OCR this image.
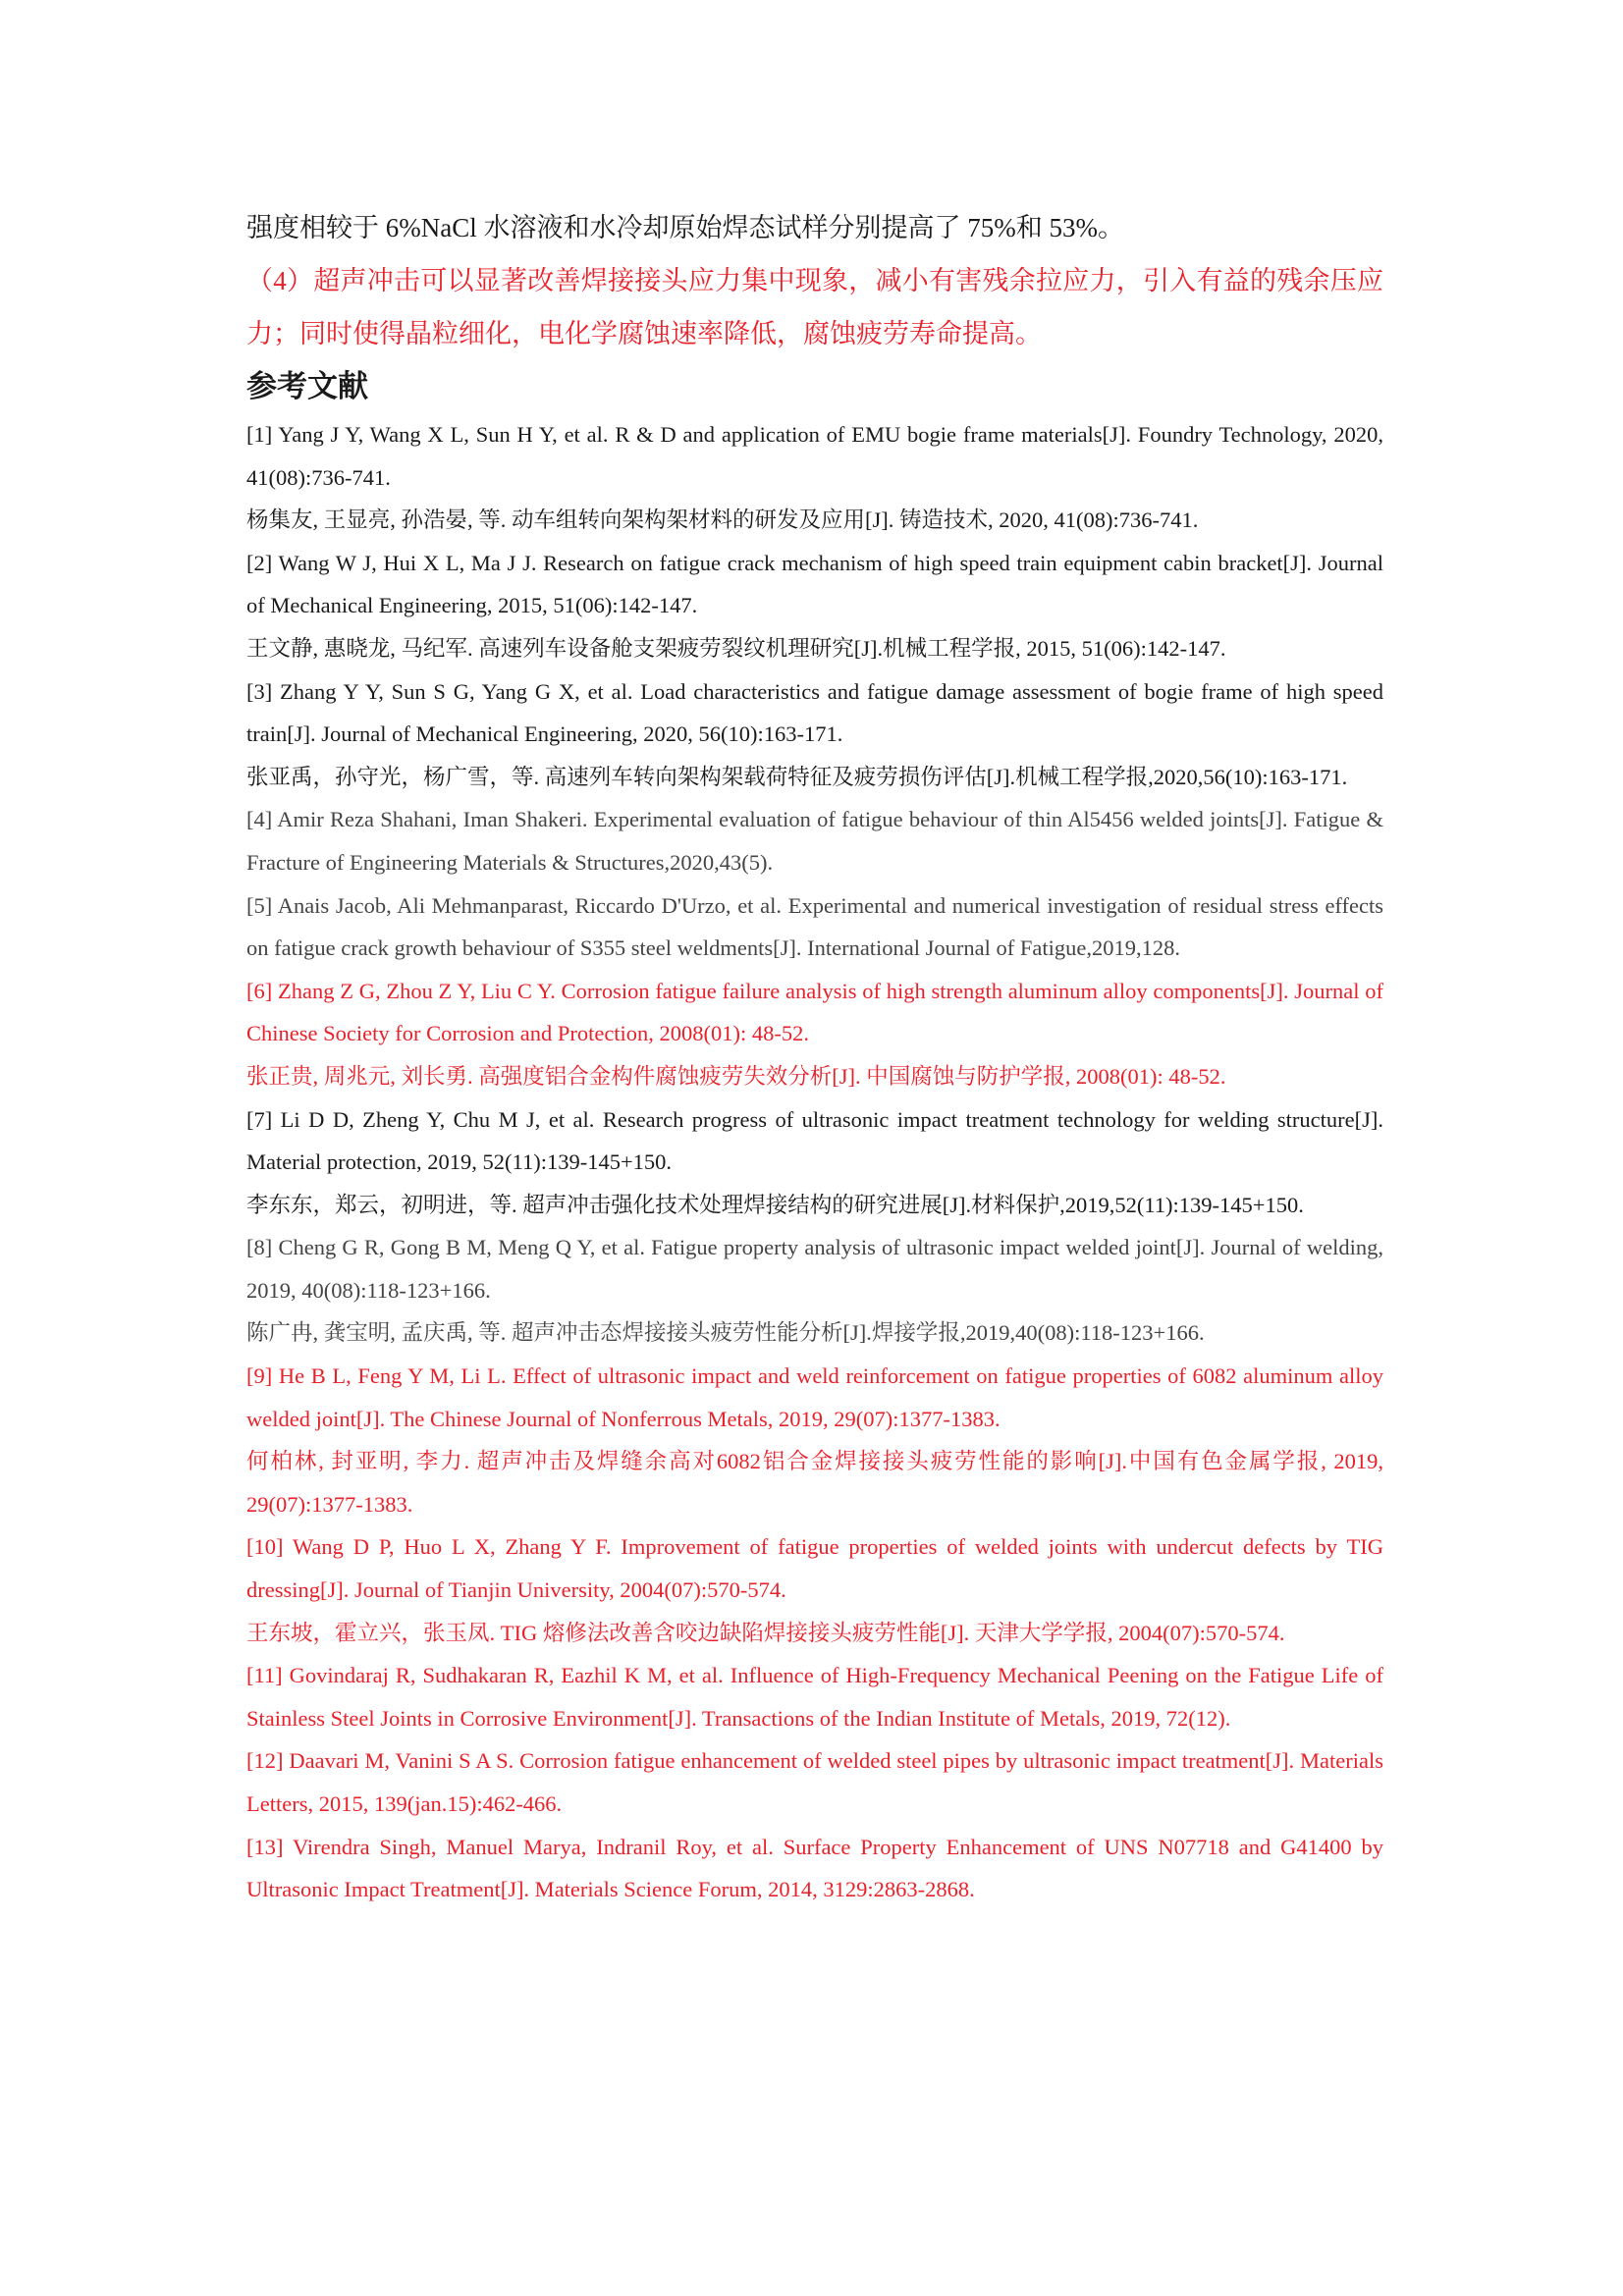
强度相较于 6%NaCl 水溶液和水冷却原始焊态试样分别提高了 75%和 53%。

（4）超声冲击可以显著改善焊接接头应力集中现象，减小有害残余拉应力，引入有益的残余压应力；同时使得晶粒细化，电化学腐蚀速率降低，腐蚀疲劳寿命提高。

参考文献

[1] Yang J Y, Wang X L, Sun H Y, et al. R & D and application of EMU bogie frame materials[J]. Foundry Technology, 2020, 41(08):736-741.

杨集友, 王显亮, 孙浩晏, 等. 动车组转向架构架材料的研发及应用[J]. 铸造技术, 2020, 41(08):736-741.

[2] Wang W J, Hui X L, Ma J J. Research on fatigue crack mechanism of high speed train equipment cabin bracket[J]. Journal of Mechanical Engineering, 2015, 51(06):142-147.

王文静, 惠晓龙, 马纪军. 高速列车设备舱支架疲劳裂纹机理研究[J].机械工程学报, 2015, 51(06):142-147.

[3] Zhang Y Y, Sun S G, Yang G X, et al. Load characteristics and fatigue damage assessment of bogie frame of high speed train[J]. Journal of Mechanical Engineering, 2020, 56(10):163-171.

张亚禹，孙守光，杨广雪，等. 高速列车转向架构架载荷特征及疲劳损伤评估[J].机械工程学报,2020,56(10):163-171.

[4] Amir Reza Shahani, Iman Shakeri. Experimental evaluation of fatigue behaviour of thin Al5456 welded joints[J]. Fatigue & Fracture of Engineering Materials & Structures,2020,43(5).

[5] Anais Jacob, Ali Mehmanparast, Riccardo D'Urzo, et al. Experimental and numerical investigation of residual stress effects on fatigue crack growth behaviour of S355 steel weldments[J]. International Journal of Fatigue,2019,128.

[6] Zhang Z G, Zhou Z Y, Liu C Y. Corrosion fatigue failure analysis of high strength aluminum alloy components[J]. Journal of Chinese Society for Corrosion and Protection, 2008(01): 48-52.

张正贵, 周兆元, 刘长勇. 高强度铝合金构件腐蚀疲劳失效分析[J]. 中国腐蚀与防护学报, 2008(01): 48-52.

[7] Li D D, Zheng Y, Chu M J, et al. Research progress of ultrasonic impact treatment technology for welding structure[J]. Material protection, 2019, 52(11):139-145+150.

李东东，郑云，初明进，等. 超声冲击强化技术处理焊接结构的研究进展[J].材料保护,2019,52(11):139-145+150.

[8] Cheng G R, Gong B M, Meng Q Y, et al. Fatigue property analysis of ultrasonic impact welded joint[J]. Journal of welding, 2019, 40(08):118-123+166.

陈广冉, 龚宝明, 孟庆禹, 等. 超声冲击态焊接接头疲劳性能分析[J].焊接学报,2019,40(08):118-123+166.

[9] He B L, Feng Y M, Li L. Effect of ultrasonic impact and weld reinforcement on fatigue properties of 6082 aluminum alloy welded joint[J]. The Chinese Journal of Nonferrous Metals, 2019, 29(07):1377-1383.

何柏林, 封亚明, 李力. 超声冲击及焊缝余高对6082铝合金焊接接头疲劳性能的影响[J].中国有色金属学报, 2019, 29(07):1377-1383.

[10] Wang D P, Huo L X, Zhang Y F. Improvement of fatigue properties of welded joints with undercut defects by TIG dressing[J]. Journal of Tianjin University, 2004(07):570-574.

王东坡，霍立兴，张玉凤. TIG 熔修法改善含咬边缺陷焊接接头疲劳性能[J]. 天津大学学报, 2004(07):570-574.

[11] Govindaraj R, Sudhakaran R, Eazhil K M, et al. Influence of High-Frequency Mechanical Peening on the Fatigue Life of Stainless Steel Joints in Corrosive Environment[J]. Transactions of the Indian Institute of Metals, 2019, 72(12).

[12] Daavari M, Vanini S A S. Corrosion fatigue enhancement of welded steel pipes by ultrasonic impact treatment[J]. Materials Letters, 2015, 139(jan.15):462-466.

[13] Virendra Singh, Manuel Marya, Indranil Roy, et al. Surface Property Enhancement of UNS N07718 and G41400 by Ultrasonic Impact Treatment[J]. Materials Science Forum, 2014, 3129:2863-2868.
